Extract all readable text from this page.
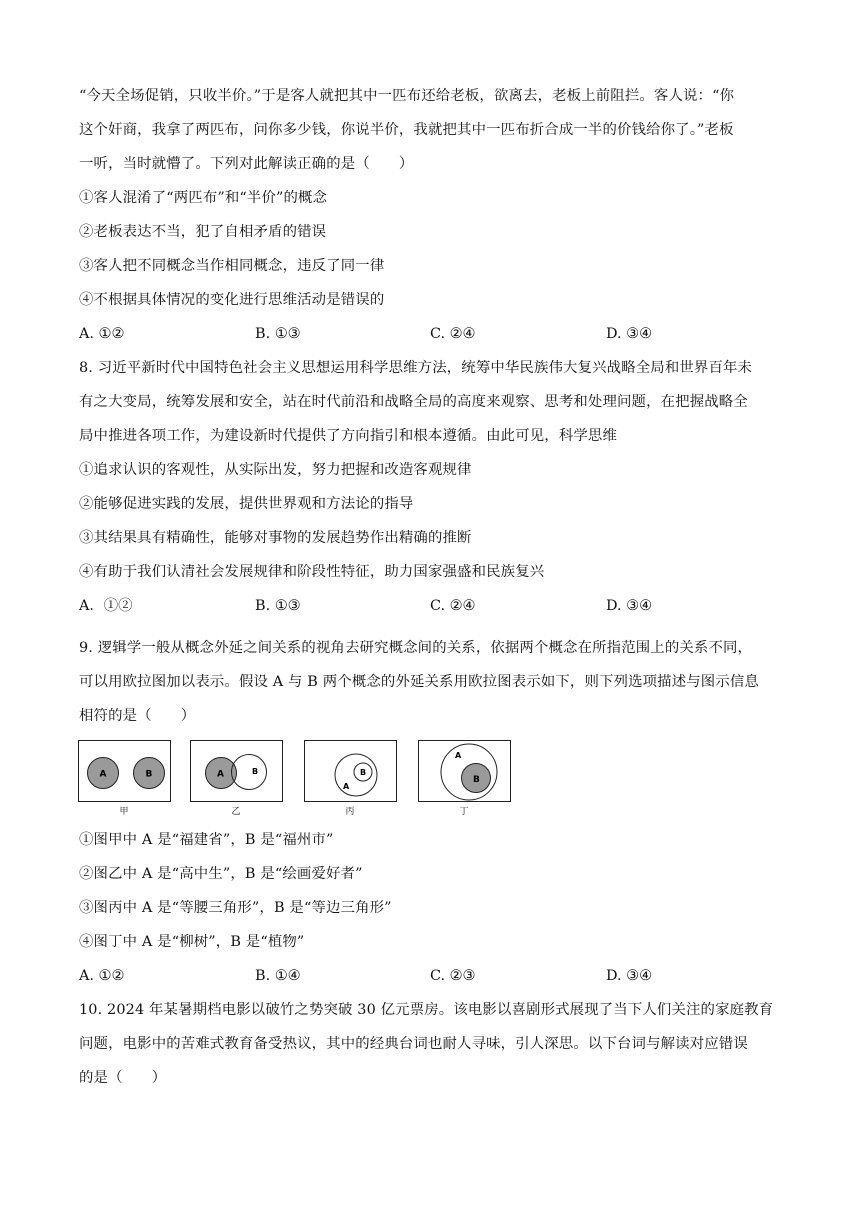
“今天全场促销，只收半价。”于是客人就把其中一匹布还给老板，欲离去，老板上前阻拦。客人说：“你
这个奸商，我拿了两匹布，问你多少钱，你说半价，我就把其中一匹布折合成一半的价钱给你了。”老板
一听，当时就懵了。下列对此解读正确的是（　　）
①客人混淆了“两匹布”和“半价”的概念
②老板表达不当，犯了自相矛盾的错误
③客人把不同概念当作相同概念，违反了同一律
④不根据具体情况的变化进行思维活动是错误的
A. ①②	B. ①③	C. ②④	D. ③④
8. 习近平新时代中国特色社会主义思想运用科学思维方法，统筹中华民族伟大复兴战略全局和世界百年未
有之大变局，统筹发展和安全，站在时代前沿和战略全局的高度来观察、思考和处理问题，在把握战略全
局中推进各项工作，为建设新时代提供了方向指引和根本遵循。由此可见，科学思维
①追求认识的客观性，从实际出发，努力把握和改造客观规律
②能够促进实践的发展，提供世界观和方法论的指导
③其结果具有精确性，能够对事物的发展趋势作出精确的推断
④有助于我们认清社会发展规律和阶段性特征，助力国家强盛和民族复兴
A．①②	B. ①③	C. ②④	D. ③④
9. 逻辑学一般从概念外延之间关系的视角去研究概念间的关系，依据两个概念在所指范围上的关系不同，
可以用欧拉图加以表示。假设 A 与 B 两个概念的外延关系用欧拉图表示如下，则下列选项描述与图示信息
相符的是（　　）
A	B
甲
A	B
乙
A
B
丙
A
B
丁
①图甲中 A 是“福建省”，B 是“福州市”
②图乙中 A 是“高中生”，B 是“绘画爱好者”
③图丙中 A 是“等腰三角形”，B 是“等边三角形”
④图丁中 A 是“柳树”，B 是“植物”
A. ①②	B. ①④	C. ②③	D. ③④
10. 2024 年某暑期档电影以破竹之势突破 30 亿元票房。该电影以喜剧形式展现了当下人们关注的家庭教育
问题，电影中的苦难式教育备受热议，其中的经典台词也耐人寻味，引人深思。以下台词与解读对应错误
的是（　　）
